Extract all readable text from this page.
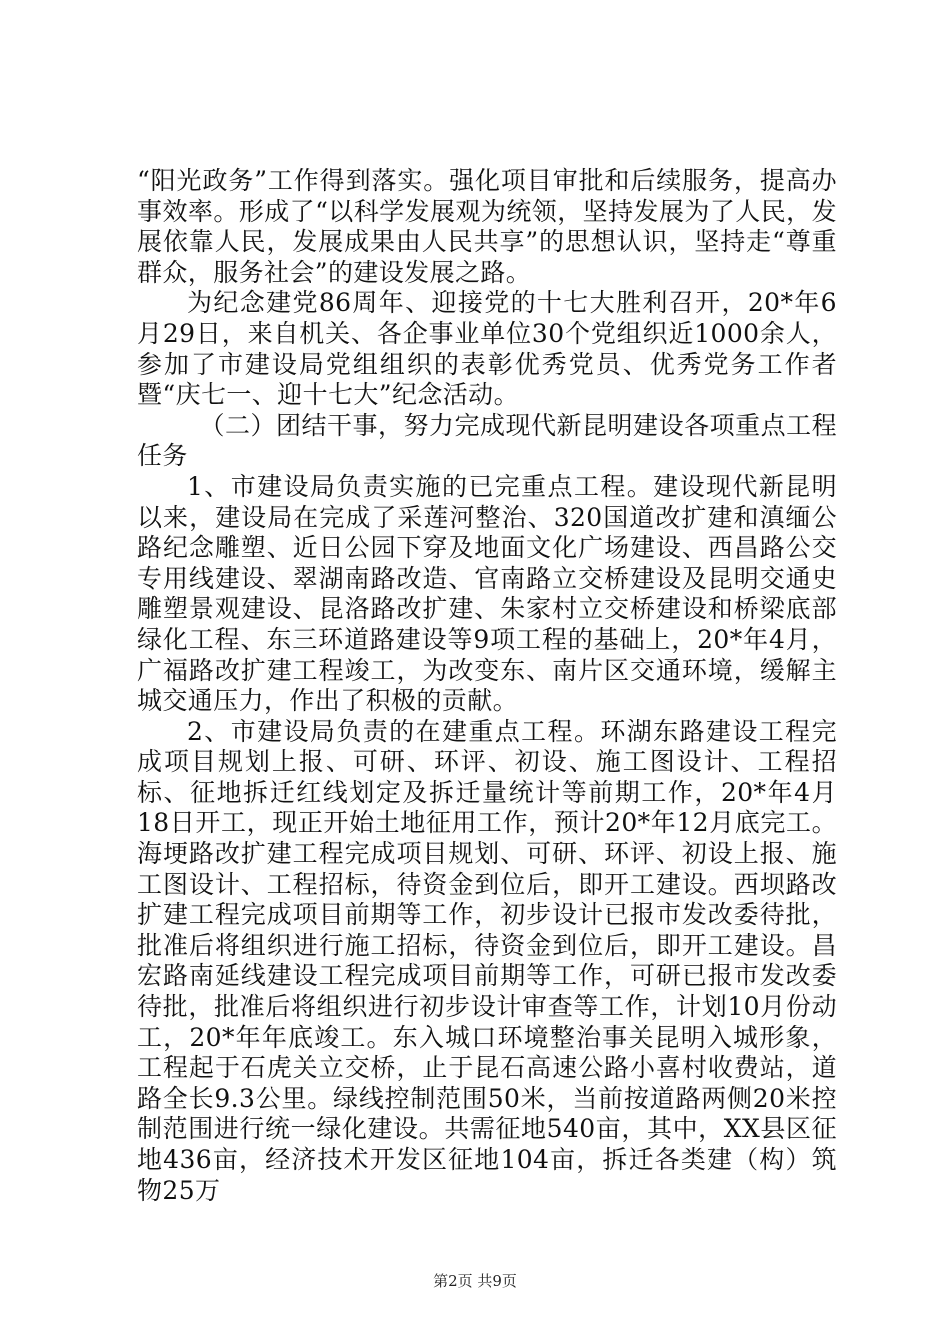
“阳光政务”工作得到落实。强化项目审批和后续服务，提高办事效率。形成了“以科学发展观为统领，坚持发展为了人民，发展依靠人民，发展成果由人民共享”的思想认识，坚持走“尊重群众，服务社会”的建设发展之路。

为纪念建党86周年、迎接党的十七大胜利召开，20*年6月29日，来自机关、各企事业单位30个党组织近1000余人，参加了市建设局党组组织的表彰优秀党员、优秀党务工作者暨“庆七一、迎十七大”纪念活动。

（二）团结干事，努力完成现代新昆明建设各项重点工程任务

1、市建设局负责实施的已完重点工程。建设现代新昆明以来，建设局在完成了采莲河整治、320国道改扩建和滇缅公路纪念雕塑、近日公园下穿及地面文化广场建设、西昌路公交专用线建设、翠湖南路改造、官南路立交桥建设及昆明交通史雕塑景观建设、昆洛路改扩建、朱家村立交桥建设和桥梁底部绿化工程、东三环道路建设等9项工程的基础上，20*年4月，广福路改扩建工程竣工，为改变东、南片区交通环境，缓解主城交通压力，作出了积极的贡献。

2、市建设局负责的在建重点工程。环湖东路建设工程完成项目规划上报、可研、环评、初设、施工图设计、工程招标、征地拆迁红线划定及拆迁量统计等前期工作，20*年4月18日开工，现正开始土地征用工作，预计20*年12月底完工。海埂路改扩建工程完成项目规划、可研、环评、初设上报、施工图设计、工程招标，待资金到位后，即开工建设。西坝路改扩建工程完成项目前期等工作，初步设计已报市发改委待批，批准后将组织进行施工招标，待资金到位后，即开工建设。昌宏路南延线建设工程完成项目前期等工作，可研已报市发改委待批，批准后将组织进行初步设计审查等工作，计划10月份动工，20*年年底竣工。东入城口环境整治事关昆明入城形象，工程起于石虎关立交桥，止于昆石高速公路小喜村收费站，道路全长9.3公里。绿线控制范围50米，当前按道路两侧20米控制范围进行统一绿化建设。共需征地540亩，其中，XX县区征地436亩，经济技术开发区征地104亩，拆迁各类建（构）筑物25万

第2页 共9页
